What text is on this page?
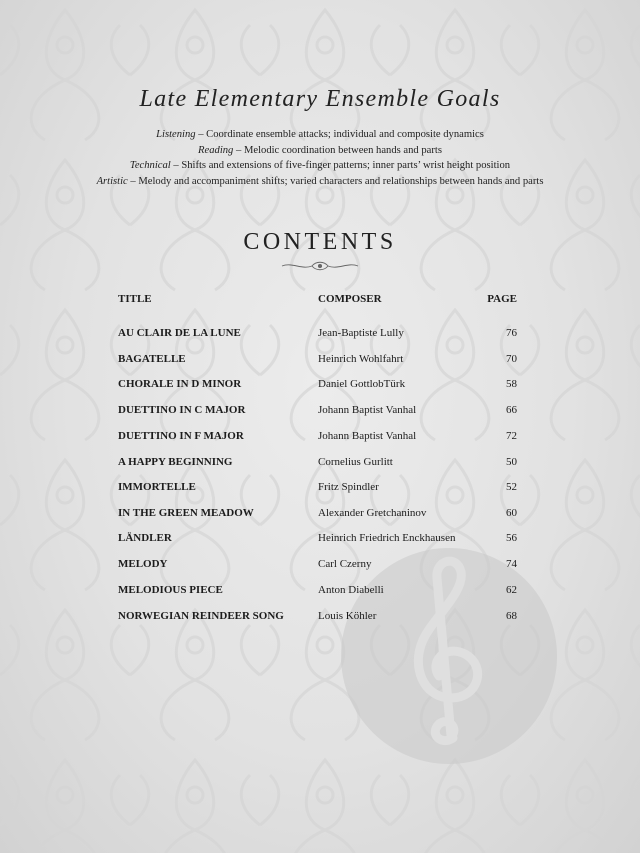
Late Elementary Ensemble Goals
Listening – Coordinate ensemble attacks; individual and composite dynamics
Reading – Melodic coordination between hands and parts
Technical – Shifts and extensions of five-finger patterns; inner parts’ wrist height position
Artistic – Melody and accompaniment shifts; varied characters and relationships between hands and parts
CONTENTS
TITLE	COMPOSER	PAGE
AU CLAIR DE LA LUNE	Jean-Baptiste Lully	76
BAGATELLE	Heinrich Wohlfahrt	70
CHORALE IN D MINOR	Daniel GottlobTürk	58
DUETTINO IN C MAJOR	Johann Baptist Vanhal	66
DUETTINO IN F MAJOR	Johann Baptist Vanhal	72
A HAPPY BEGINNING	Cornelius Gurlitt	50
IMMORTELLE	Fritz Spindler	52
IN THE GREEN MEADOW	Alexander Gretchaninov	60
LÄNDLER	Heinrich Friedrich Enckhausen	56
MELODY	Carl Czerny	74
MELODIOUS PIECE	Anton Diabelli	62
NORWEGIAN REINDEER SONG	Louis Köhler	68
